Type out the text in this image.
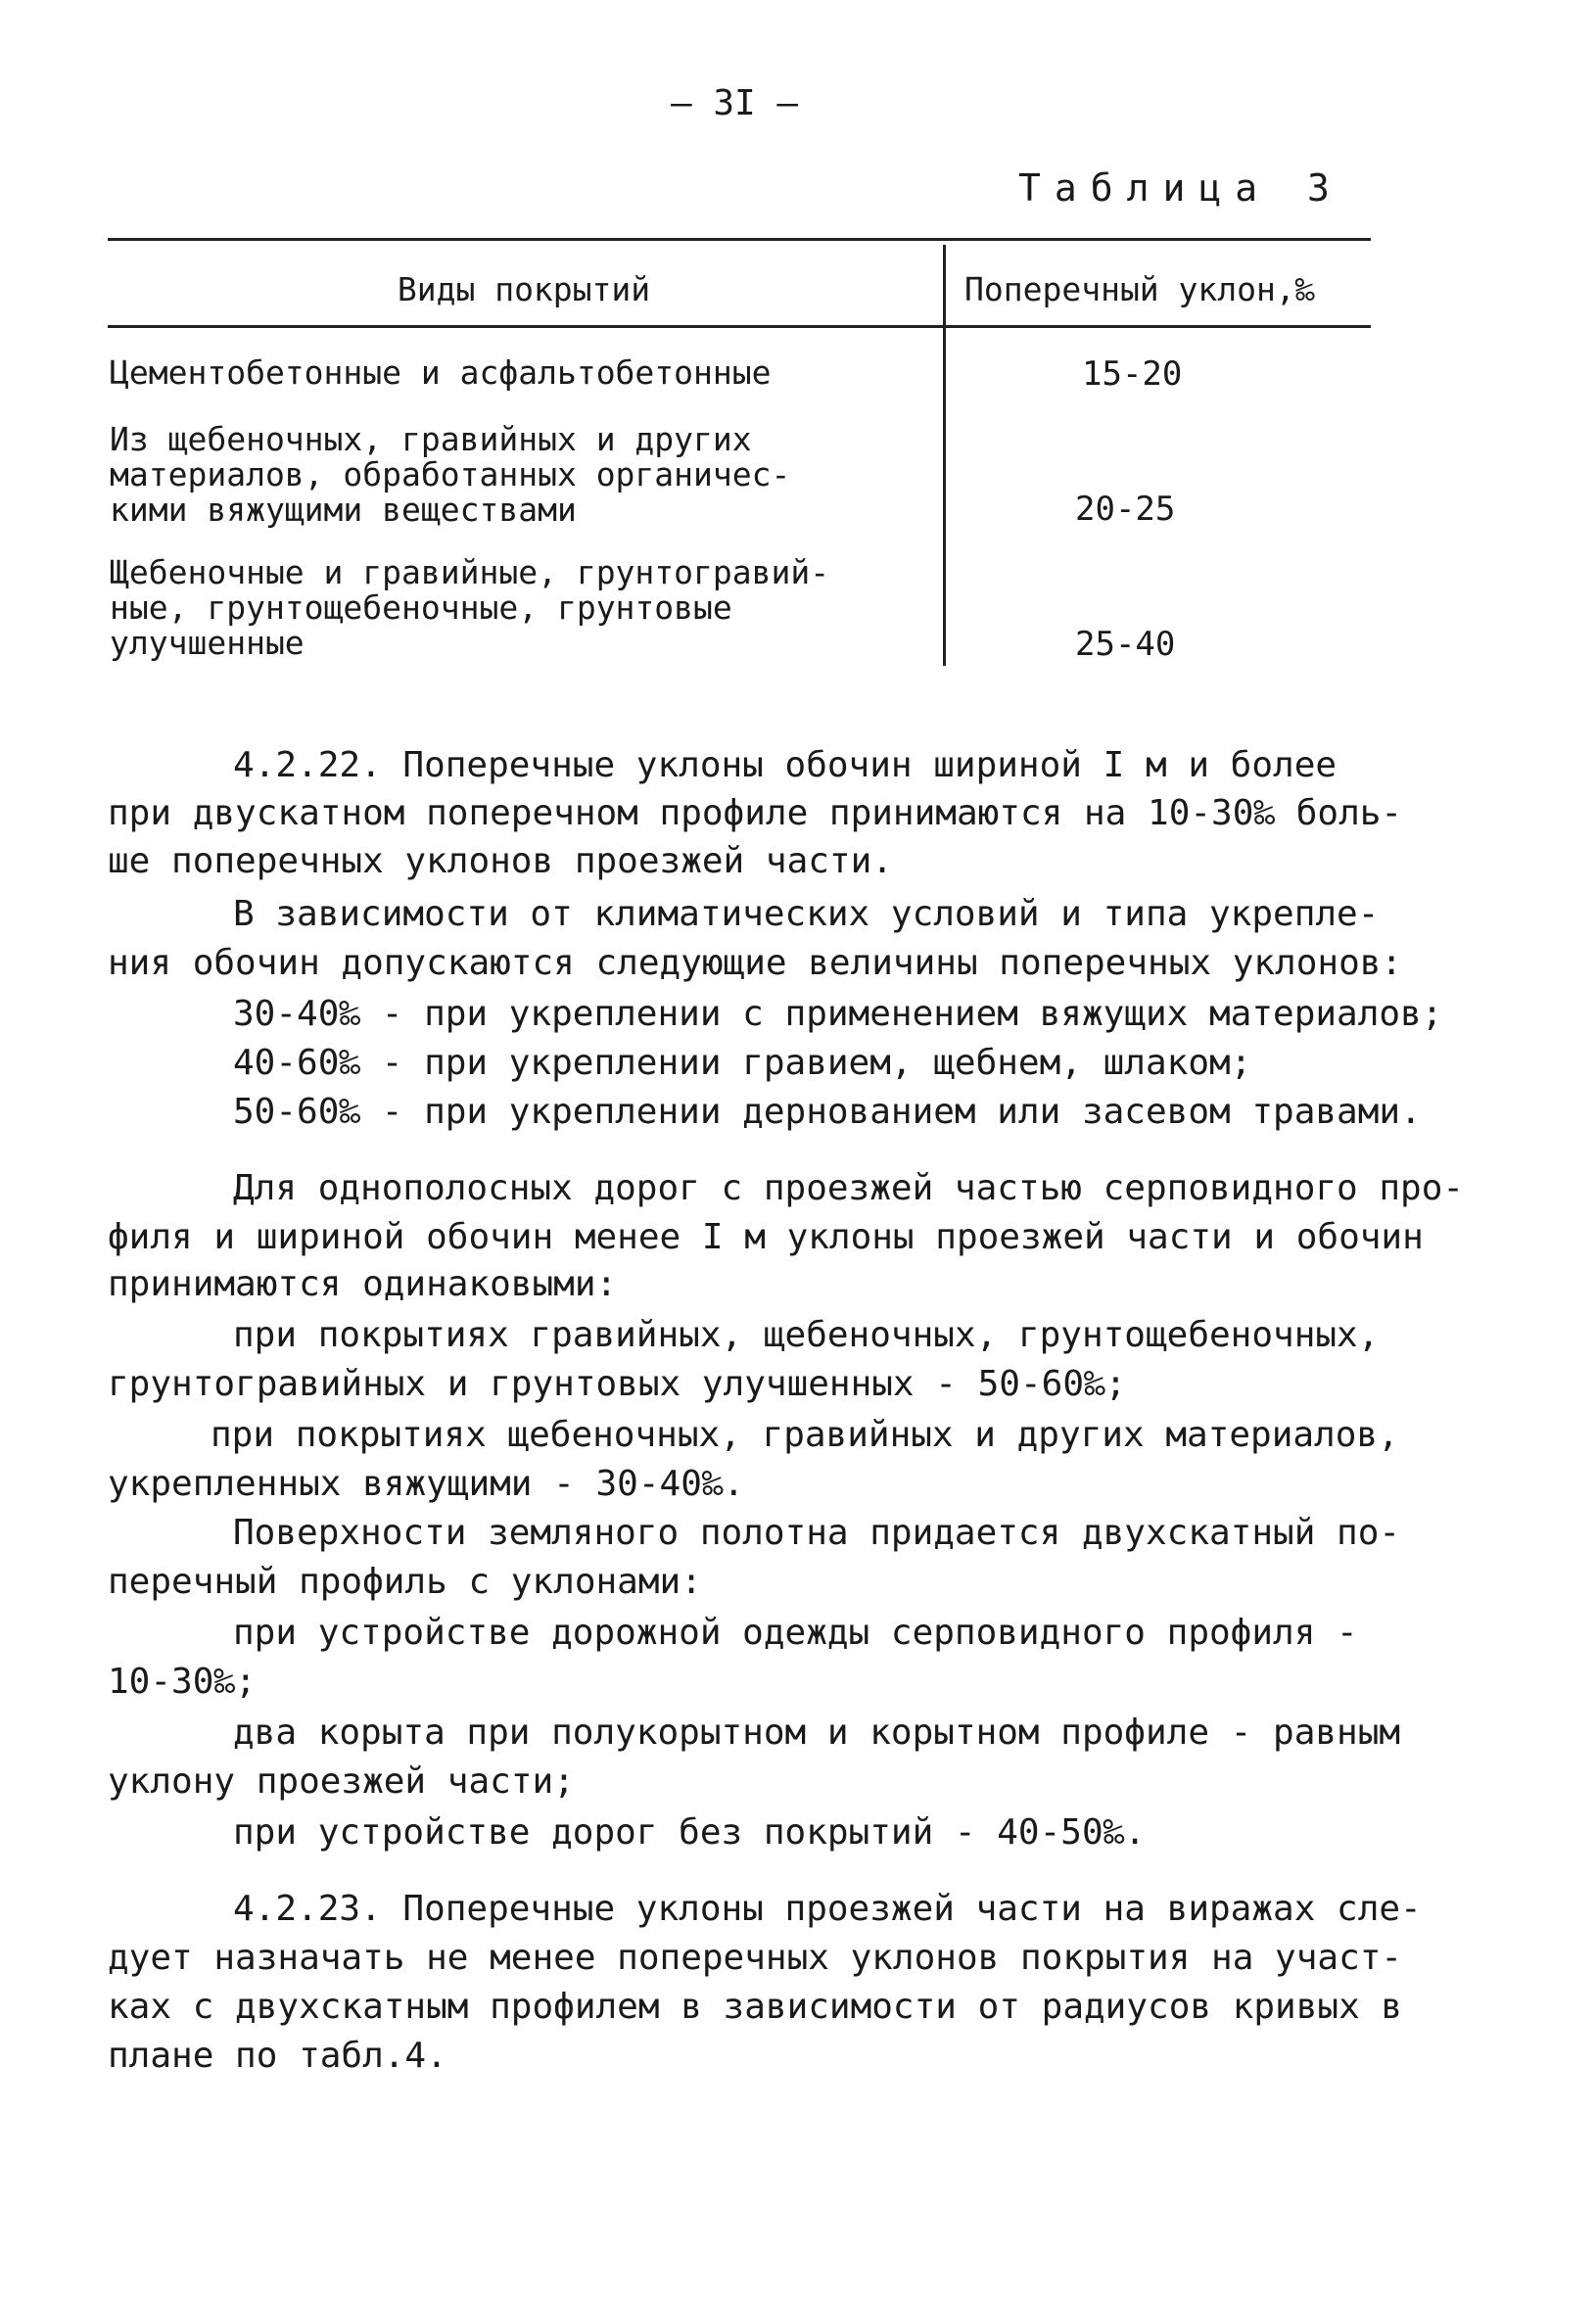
— 3I —
Таблица 3
Виды покрытий	Поперечный уклон,‰
Цементобетонные и асфальтобетонные	15-20
Из щебеночных, гравийных и других
материалов, обработанных органичес-
кими вяжущими веществами	20-25
Щебеночные и гравийные, грунтогравий-
ные, грунтощебеночные, грунтовые
улучшенные	25-40
4.2.22. Поперечные уклоны обочин шириной I м и более
при двускатном поперечном профиле принимаются на 10-30‰ боль-
ше поперечных уклонов проезжей части.
В зависимости от климатических условий и типа укрепле-
ния обочин допускаются следующие величины поперечных уклонов:
30-40‰ - при укреплении с применением вяжущих материалов;
40-60‰ - при укреплении гравием, щебнем, шлаком;
50-60‰ - при укреплении дернованием или засевом травами.
Для однополосных дорог с проезжей частью серповидного про-
филя и шириной обочин менее I м уклоны проезжей части и обочин
принимаются одинаковыми:
при покрытиях гравийных, щебеночных, грунтощебеночных,
грунтогравийных и грунтовых улучшенных - 50-60‰;
при покрытиях щебеночных, гравийных и других материалов,
укрепленных вяжущими - 30-40‰.
Поверхности земляного полотна придается двухскатный по-
перечный профиль с уклонами:
при устройстве дорожной одежды серповидного профиля -
10-30‰;
два корыта при полукорытном и корытном профиле - равным
уклону проезжей части;
при устройстве дорог без покрытий - 40-50‰.
4.2.23. Поперечные уклоны проезжей части на виражах сле-
дует назначать не менее поперечных уклонов покрытия на участ-
ках с двухскатным профилем в зависимости от радиусов кривых в
плане по табл.4.
